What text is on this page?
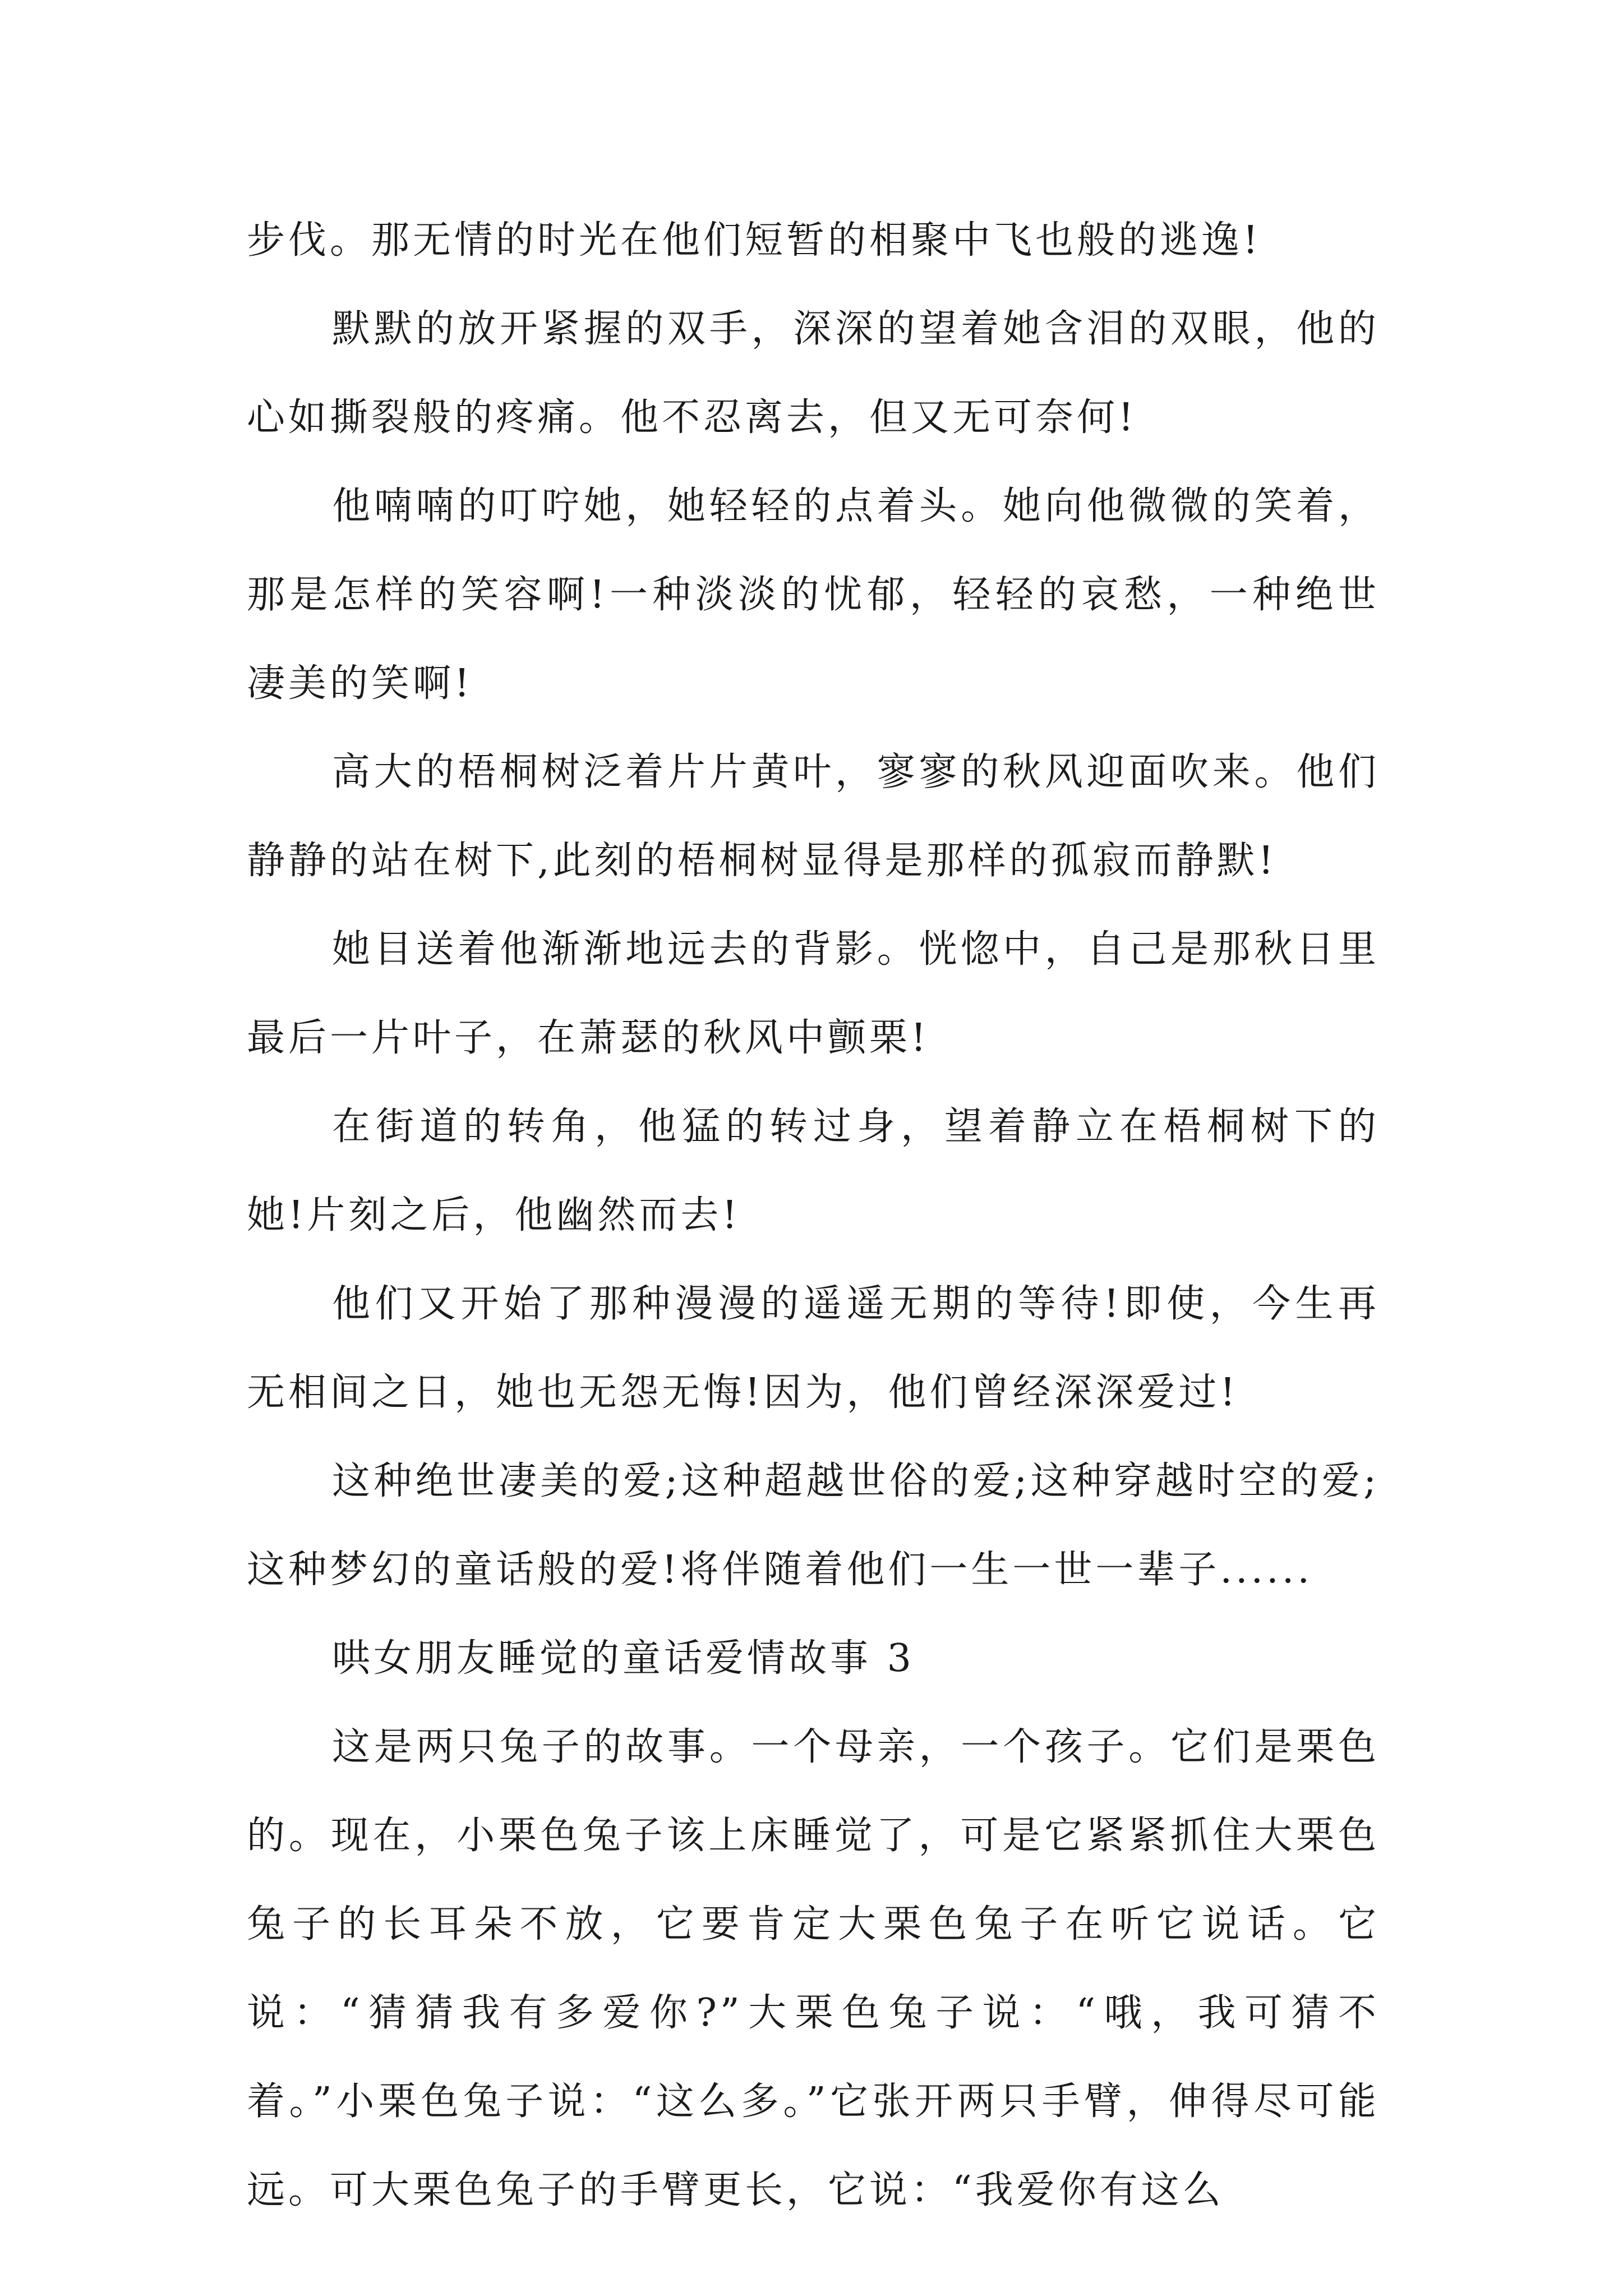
步伐。那无情的时光在他们短暂的相聚中飞也般的逃逸!

默默的放开紧握的双手，深深的望着她含泪的双眼，他的心如撕裂般的疼痛。他不忍离去，但又无可奈何!

他喃喃的叮咛她，她轻轻的点着头。她向他微微的笑着，那是怎样的笑容啊!一种淡淡的忧郁，轻轻的哀愁，一种绝世凄美的笑啊!

高大的梧桐树泛着片片黄叶，寥寥的秋风迎面吹来。他们静静的站在树下,此刻的梧桐树显得是那样的孤寂而静默!

她目送着他渐渐地远去的背影。恍惚中，自己是那秋日里最后一片叶子，在萧瑟的秋风中颤栗!

在街道的转角，他猛的转过身，望着静立在梧桐树下的她!片刻之后，他幽然而去!

他们又开始了那种漫漫的遥遥无期的等待!即使，今生再无相间之日，她也无怨无悔!因为，他们曾经深深爱过!

这种绝世凄美的爱;这种超越世俗的爱;这种穿越时空的爱;这种梦幻的童话般的爱!将伴随着他们一生一世一辈子......

哄女朋友睡觉的童话爱情故事 3

这是两只兔子的故事。一个母亲，一个孩子。它们是栗色的。现在，小栗色兔子该上床睡觉了，可是它紧紧抓住大栗色兔子的长耳朵不放，它要肯定大栗色兔子在听它说话。它说：“猜猜我有多爱你?”大栗色兔子说：“哦，我可猜不着。”小栗色兔子说：“这么多。”它张开两只手臂，伸得尽可能远。可大栗色兔子的手臂更长，它说：“我爱你有这么
